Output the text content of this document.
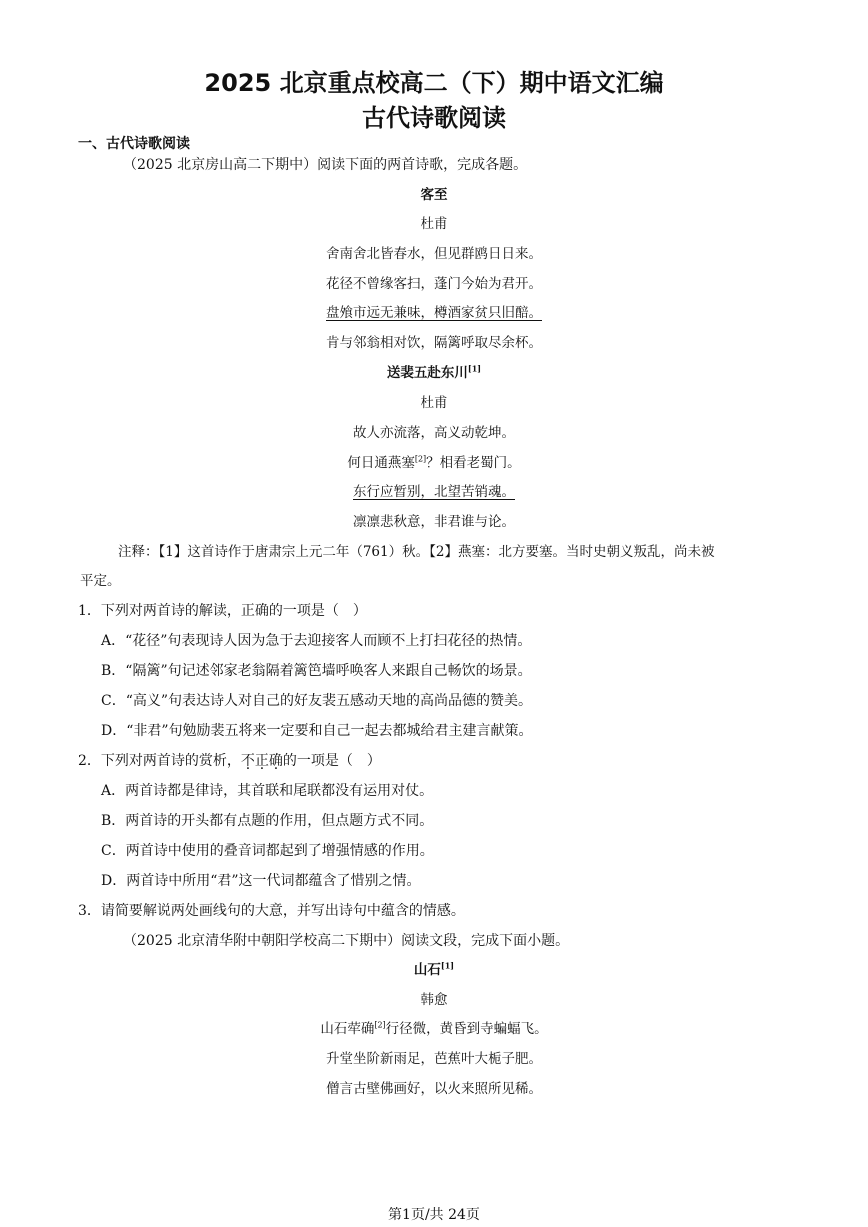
2025 北京重点校高二（下）期中语文汇编
古代诗歌阅读
一、古代诗歌阅读
（2025 北京房山高二下期中）阅读下面的两首诗歌，完成各题。
客至
杜甫
舍南舍北皆春水，但见群鸥日日来。
花径不曾缘客扫，蓬门今始为君开。
盘飧市远无兼味，樽酒家贫只旧醅。
肯与邻翁相对饮，隔篱呼取尽余杯。
送裴五赴东川[1]
杜甫
故人亦流落，高义动乾坤。
何日通燕塞[2]？相看老蜀门。
东行应暂别，北望苦销魂。
凛凛悲秋意，非君谁与论。
注释：【1】这首诗作于唐肃宗上元二年（761）秋。【2】燕塞：北方要塞。当时史朝义叛乱，尚未被
平定。
1．下列对两首诗的解读，正确的一项是（　）
A．“花径”句表现诗人因为急于去迎接客人而顾不上打扫花径的热情。
B．“隔篱”句记述邻家老翁隔着篱笆墙呼唤客人来跟自己畅饮的场景。
C．“高义”句表达诗人对自己的好友裴五感动天地的高尚品德的赞美。
D．“非君”句勉励裴五将来一定要和自己一起去都城给君主建言献策。
2．下列对两首诗的赏析，不正确的一项是（　）
A．两首诗都是律诗，其首联和尾联都没有运用对仗。
B．两首诗的开头都有点题的作用，但点题方式不同。
C．两首诗中使用的叠音词都起到了增强情感的作用。
D．两首诗中所用“君”这一代词都蕴含了惜别之情。
3．请简要解说两处画线句的大意，并写出诗句中蕴含的情感。
（2025 北京清华附中朝阳学校高二下期中）阅读文段，完成下面小题。
山石[1]
韩愈
山石荦确[2]行径微，黄昏到寺蝙蝠飞。
升堂坐阶新雨足，芭蕉叶大栀子肥。
僧言古壁佛画好，以火来照所见稀。
第1页/共 24页
